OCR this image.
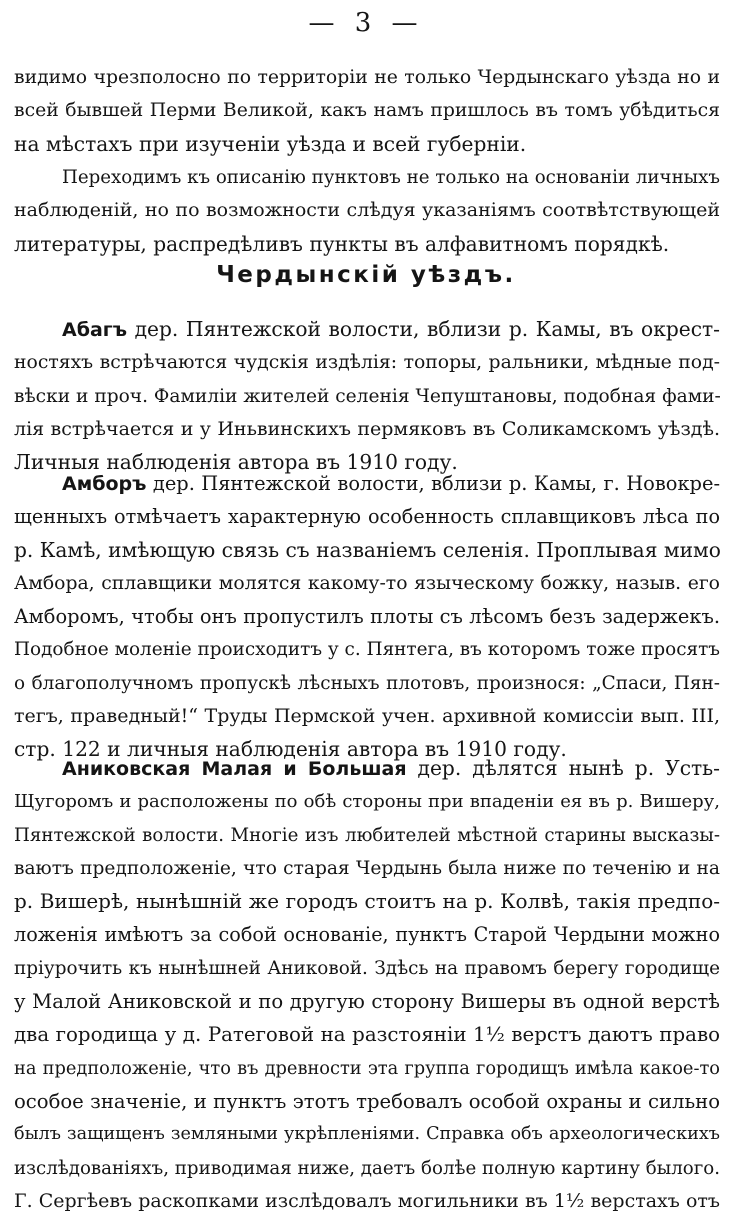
— 3 —
видимо чрезполосно по территорiи не только Чердынскаго уѣзда но и
всей бывшей Перми Великой, какъ намъ пришлось въ томъ убѣдиться
на мѣстахъ при изученiи уѣзда и всей губернiи.
Переходимъ къ описанiю пунктовъ не только на основанiи личныхъ
наблюденiй, но по возможности слѣдуя указанiямъ соотвѣтствующей
литературы, распредѣливъ пункты въ алфавитномъ порядкѣ.
Чердынскiй уѣздъ.
Абагъ дер. Пянтежской волости, вблизи р. Камы, въ окрест-
ностяхъ встрѣчаются чудскiя издѣлiя: топоры, ральники, мѣдные под-
вѣски и проч. Фамилiи жителей селенiя Чепуштановы, подобная фами-
лiя встрѣчается и у Иньвинскихъ пермяковъ въ Соликамскомъ уѣздѣ.
Личныя наблюденiя автора въ 1910 году.
Амборъ дер. Пянтежской волости, вблизи р. Камы, г. Новокре-
щенныхъ отмѣчаетъ характерную особенность сплавщиковъ лѣса по
р. Камѣ, имѣющую связь съ названiемъ селенiя. Проплывая мимо
Амбора, сплавщики молятся какому-то языческому божку, назыв. его
Амборомъ, чтобы онъ пропустилъ плоты съ лѣсомъ безъ задержекъ.
Подобное моленiе происходитъ у с. Пянтега, въ которомъ тоже просятъ
о благополучномъ пропускѣ лѣсныхъ плотовъ, произнося: „Спаси, Пян-
тегъ, праведный!“ Труды Пермской учен. архивной комиссiи вып. III,
стр. 122 и личныя наблюденiя автора въ 1910 году.
Аниковская Малая и Большая дер. дѣлятся нынѣ р. Усть-
Щугоромъ и расположены по обѣ стороны при впаденiи ея въ р. Вишеру,
Пянтежской волости. Многiе изъ любителей мѣстной старины высказы-
ваютъ предположенiе, что старая Чердынь была ниже по теченiю и на
р. Вишерѣ, нынѣшнiй же городъ стоитъ на р. Колвѣ, такiя предпо-
ложенiя имѣютъ за собой основанiе, пунктъ Старой Чердыни можно
прiурочить къ нынѣшней Аниковой. Здѣсь на правомъ берегу городище
у Малой Аниковской и по другую сторону Вишеры въ одной верстѣ
два городища у д. Ратеговой на разстоянiи 1½ верстъ даютъ право
на предположенiе, что въ древности эта группа городищъ имѣла какое-то
особое значенiе, и пунктъ этотъ требовалъ особой охраны и сильно
былъ защищенъ земляными укрѣпленiями. Справка объ археологическихъ
изслѣдованiяхъ, приводимая ниже, даетъ болѣе полную картину былого.
Г. Сергѣевъ раскопками изслѣдовалъ могильники въ 1½ верстахъ отъ
